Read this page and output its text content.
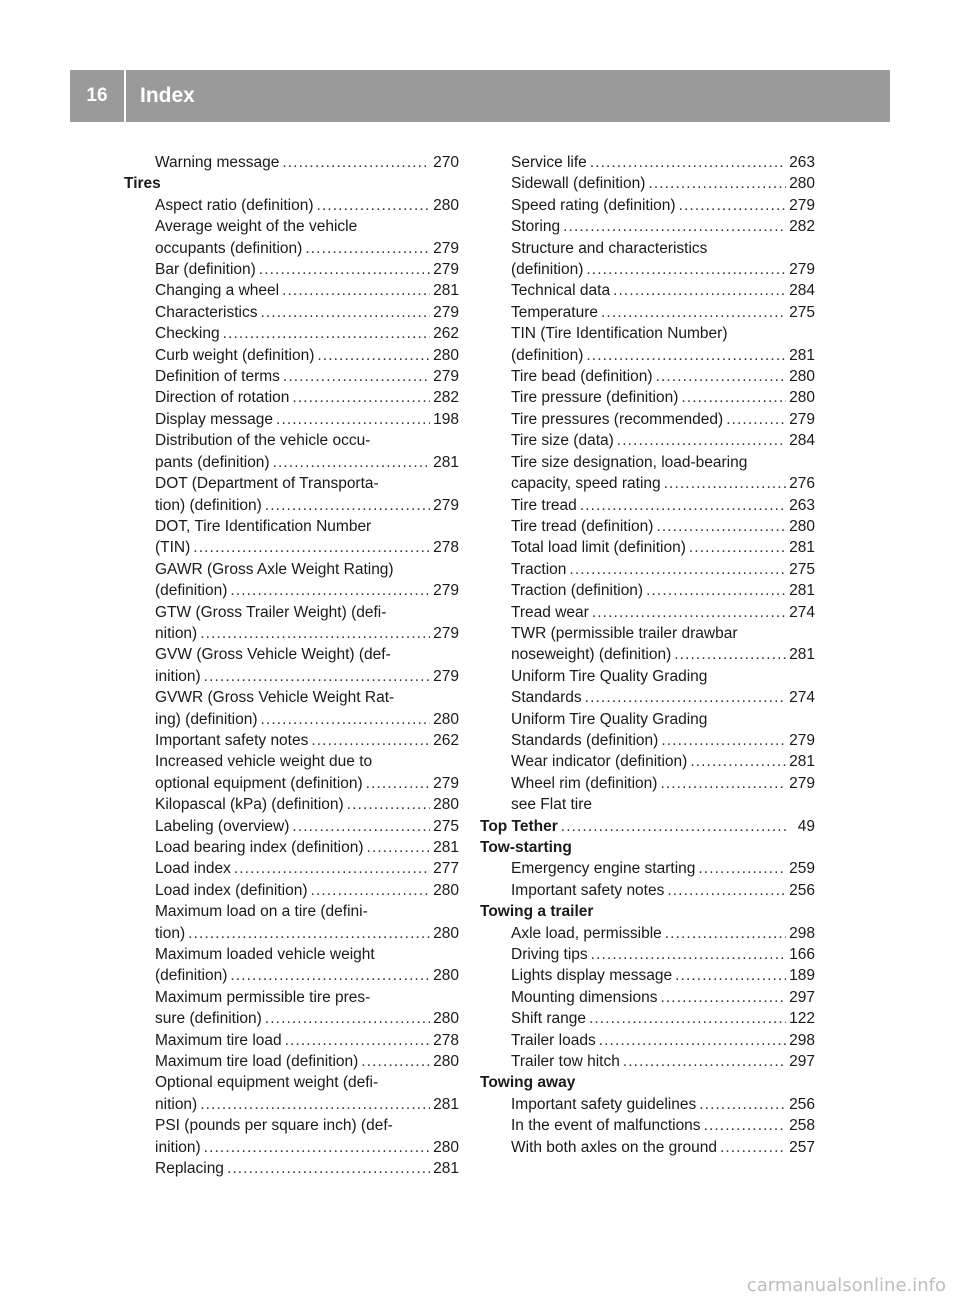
16	Index
Warning message . . .	270
Tires
Aspect ratio (definition) . . .	280
Average weight of the vehicle
occupants (definition) . . .	279
Bar (definition) . . .	279
Changing a wheel . . .	281
Characteristics . . .	279
Checking . . .	262
Curb weight (definition) . . .	280
Definition of terms . . .	279
Direction of rotation . . .	282
Display message . . .	198
Distribution of the vehicle occu-
pants (definition) . . .	281
DOT (Department of Transporta-
tion) (definition) . . .	279
DOT, Tire Identification Number
(TIN) . . .	278
GAWR (Gross Axle Weight Rating)
(definition) . . .	279
GTW (Gross Trailer Weight) (defi-
nition) . . .	279
GVW (Gross Vehicle Weight) (def-
inition) . . .	279
GVWR (Gross Vehicle Weight Rat-
ing) (definition) . . .	280
Important safety notes . . .	262
Increased vehicle weight due to
optional equipment (definition) . . .	279
Kilopascal (kPa) (definition) . . .	280
Labeling (overview) . . .	275
Load bearing index (definition) . . .	281
Load index . . .	277
Load index (definition) . . .	280
Maximum load on a tire (defini-
tion) . . .	280
Maximum loaded vehicle weight
(definition) . . .	280
Maximum permissible tire pres-
sure (definition) . . .	280
Maximum tire load . . .	278
Maximum tire load (definition) . . .	280
Optional equipment weight (defi-
nition) . . .	281
PSI (pounds per square inch) (def-
inition) . . .	280
Replacing . . .	281
Service life . . .	263
Sidewall (definition) . . .	280
Speed rating (definition) . . .	279
Storing . . .	282
Structure and characteristics
(definition) . . .	279
Technical data . . .	284
Temperature . . .	275
TIN (Tire Identification Number)
(definition) . . .	281
Tire bead (definition) . . .	280
Tire pressure (definition) . . .	280
Tire pressures (recommended) . . .	279
Tire size (data) . . .	284
Tire size designation, load-bearing
capacity, speed rating . . .	276
Tire tread . . .	263
Tire tread (definition) . . .	280
Total load limit (definition) . . .	281
Traction . . .	275
Traction (definition) . . .	281
Tread wear . . .	274
TWR (permissible trailer drawbar
noseweight) (definition) . . .	281
Uniform Tire Quality Grading
Standards . . .	274
Uniform Tire Quality Grading
Standards (definition) . . .	279
Wear indicator (definition) . . .	281
Wheel rim (definition) . . .	279
see Flat tire
Top Tether . . .	49
Tow-starting
Emergency engine starting . . .	259
Important safety notes . . .	256
Towing a trailer
Axle load, permissible . . .	298
Driving tips . . .	166
Lights display message . . .	189
Mounting dimensions . . .	297
Shift range . . .	122
Trailer loads . . .	298
Trailer tow hitch . . .	297
Towing away
Important safety guidelines . . .	256
In the event of malfunctions . . .	258
With both axles on the ground . . .	257
carmanualsonline.info
